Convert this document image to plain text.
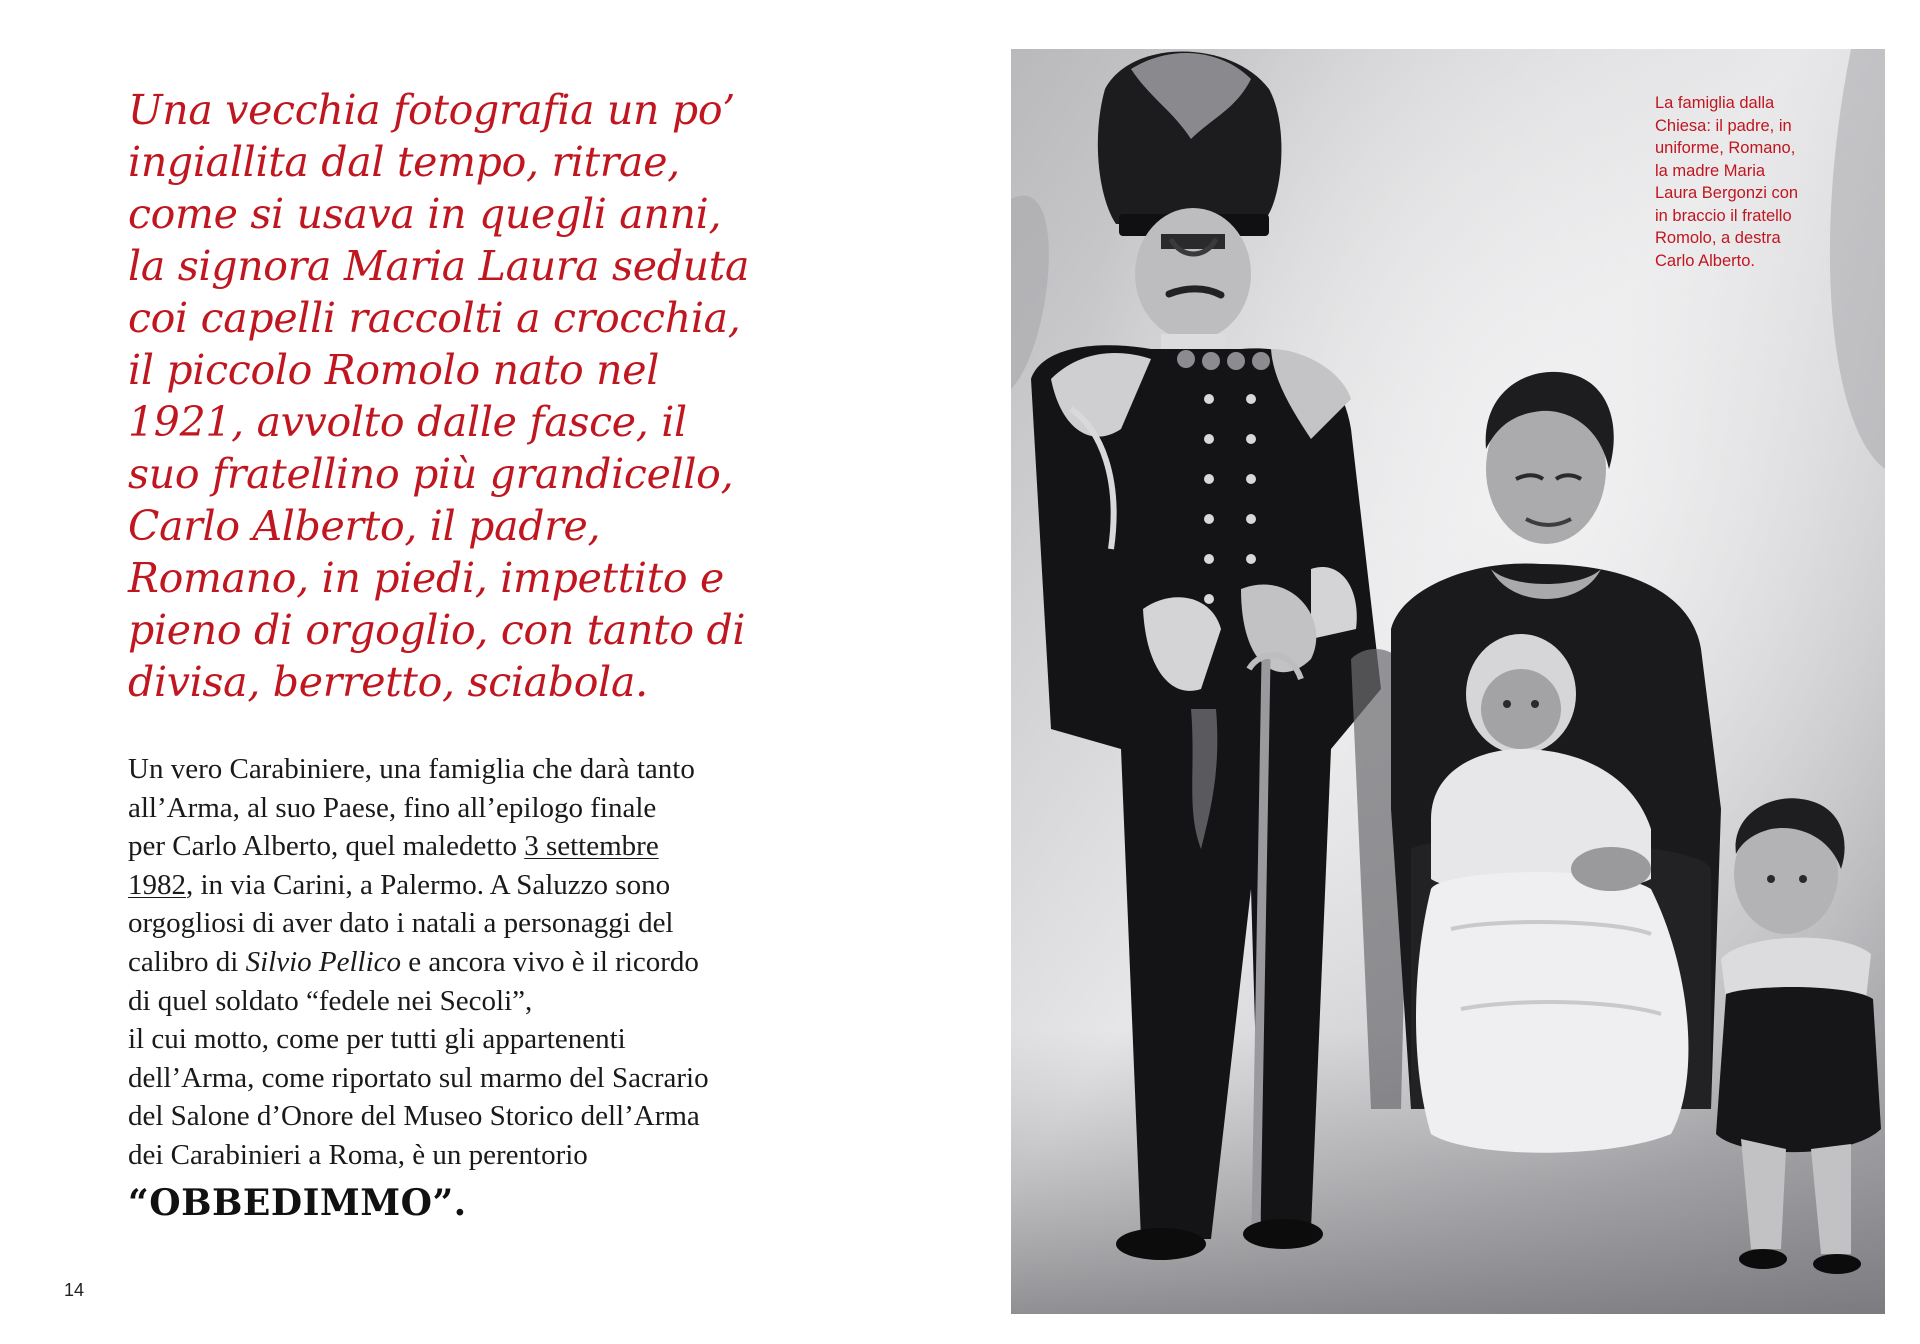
Una vecchia fotografia un po’
ingiallita dal tempo, ritrae,
come si usava in quegli anni,
la signora Maria Laura seduta
coi capelli raccolti a crocchia,
il piccolo Romolo nato nel
1921, avvolto dalle fasce, il
suo fratellino più grandicello,
Carlo Alberto, il padre,
Romano, in piedi, impettito e
pieno di orgoglio, con tanto di
divisa, berretto, sciabola.

Un vero Carabiniere, una famiglia che darà tanto
all’Arma, al suo Paese, fino all’epilogo finale
per Carlo Alberto, quel maledetto 3 settembre
1982, in via Carini, a Palermo. A Saluzzo sono
orgogliosi di aver dato i natali a personaggi del
calibro di Silvio Pellico e ancora vivo è il ricordo
di quel soldato “fedele nei Secoli”,
il cui motto, come per tutti gli appartenenti
dell’Arma, come riportato sul marmo del Sacrario
del Salone d’Onore del Museo Storico dell’Arma
dei Carabinieri a Roma, è un perentorio
“OBBEDIMMO”.

14
La famiglia dalla
Chiesa: il padre, in
uniforme, Romano,
la madre Maria
Laura Bergonzi con
in braccio il fratello
Romolo, a destra
Carlo Alberto.
